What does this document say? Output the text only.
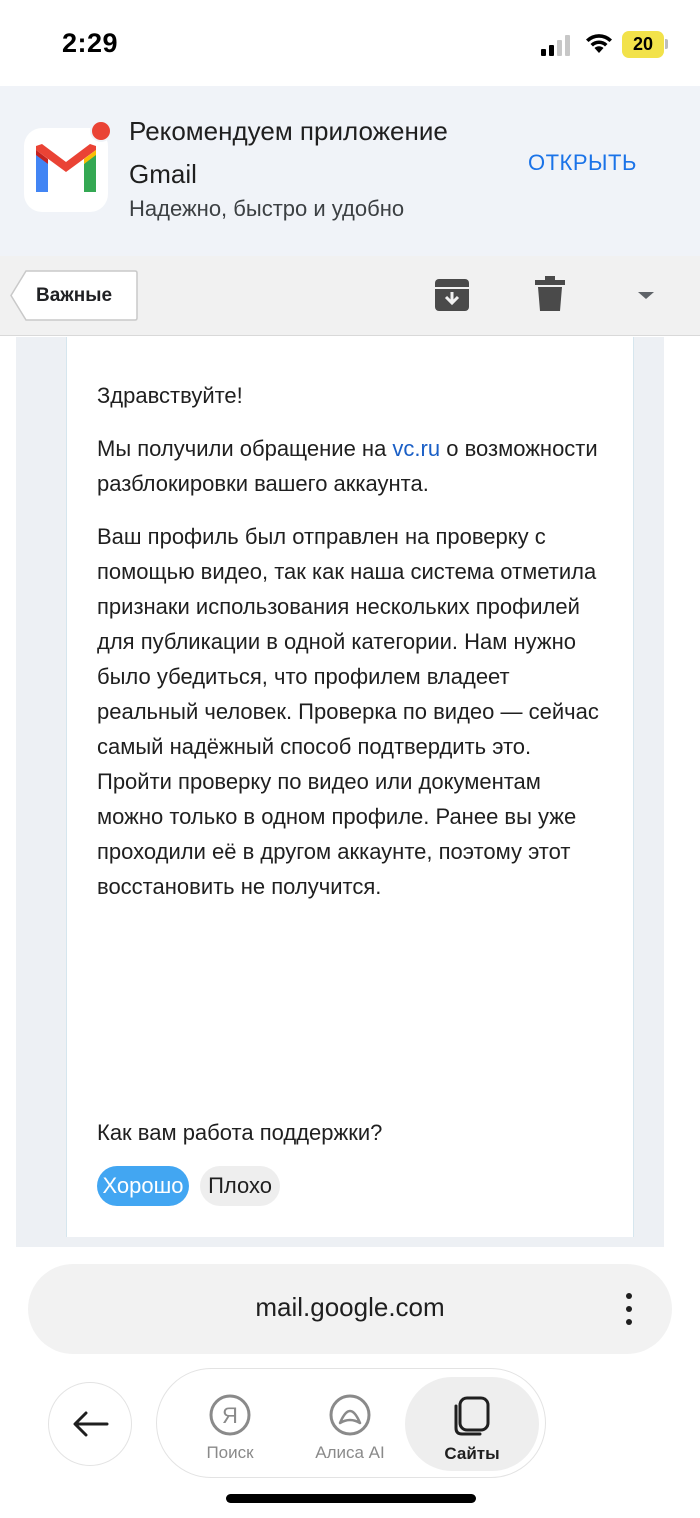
2:29	20
Рекомендуем приложение Gmail
Надежно, быстро и удобно
ОТКРЫТЬ
Важные

Здравствуйте!

Мы получили обращение на vc.ru о возможности разблокировки вашего аккаунта.

Ваш профиль был отправлен на проверку с помощью видео, так как наша система отметила признаки использования нескольких профилей для публикации в одной категории. Нам нужно было убедиться, что профилем владеет реальный человек. Проверка по видео — сейчас самый надёжный способ подтвердить это. Пройти проверку по видео или документам можно только в одном профиле. Ранее вы уже проходили её в другом аккаунте, поэтому этот восстановить не получится.

Как вам работа поддержки?
Хорошо	Плохо
mail.google.com
Я
Поиск	Алиса AI	Сайты
